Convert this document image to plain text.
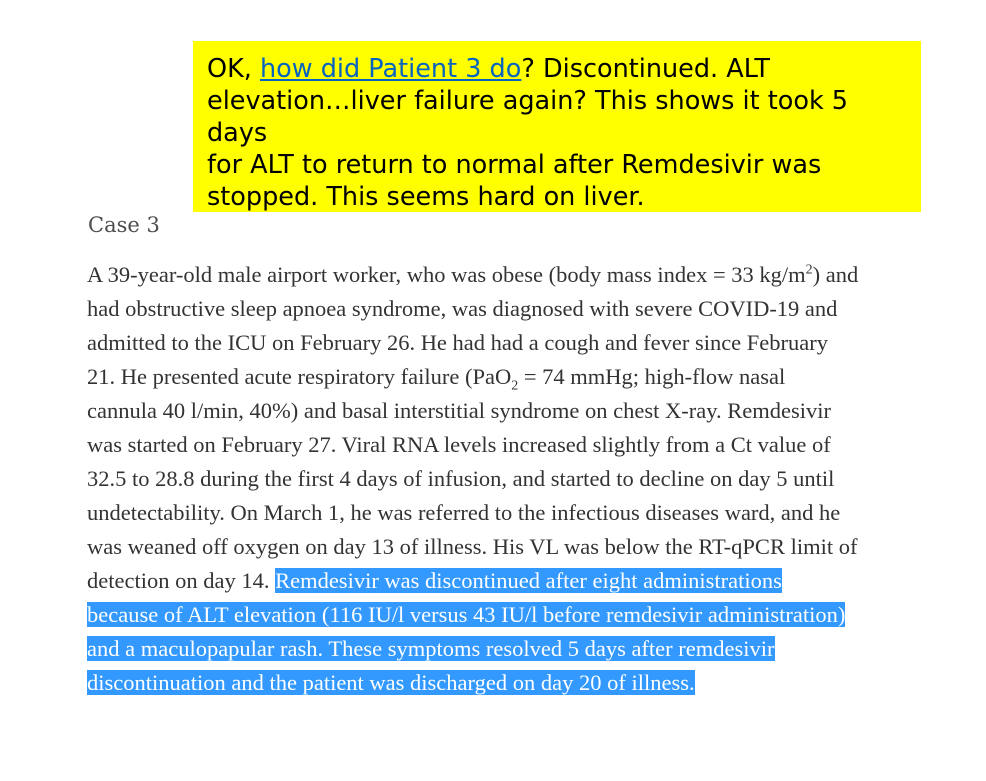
OK, how did Patient 3 do? Discontinued. ALT
elevation…liver failure again? This shows it took 5 days
for ALT to return to normal after Remdesivir was
stopped. This seems hard on liver.
Case 3
A 39-year-old male airport worker, who was obese (body mass index = 33 $kg/m^2$) and
had obstructive sleep apnoea syndrome, was diagnosed with severe COVID-19 and
admitted to the ICU on February 26. He had had a cough and fever since February
21. He presented acute respiratory failure (PaO$_2$ = 74 mmHg; high-flow nasal
cannula 40 l/min, 40%) and basal interstitial syndrome on chest X-ray. Remdesivir
was started on February 27. Viral RNA levels increased slightly from a Ct value of
32.5 to 28.8 during the first 4 days of infusion, and started to decline on day 5 until
undetectability. On March 1, he was referred to the infectious diseases ward, and he
was weaned off oxygen on day 13 of illness. His VL was below the RT-qPCR limit of
detection on day 14. Remdesivir was discontinued after eight administrations
because of ALT elevation (116 IU/l versus 43 IU/l before remdesivir administration)
and a maculopapular rash. These symptoms resolved 5 days after remdesivir
discontinuation and the patient was discharged on day 20 of illness.
